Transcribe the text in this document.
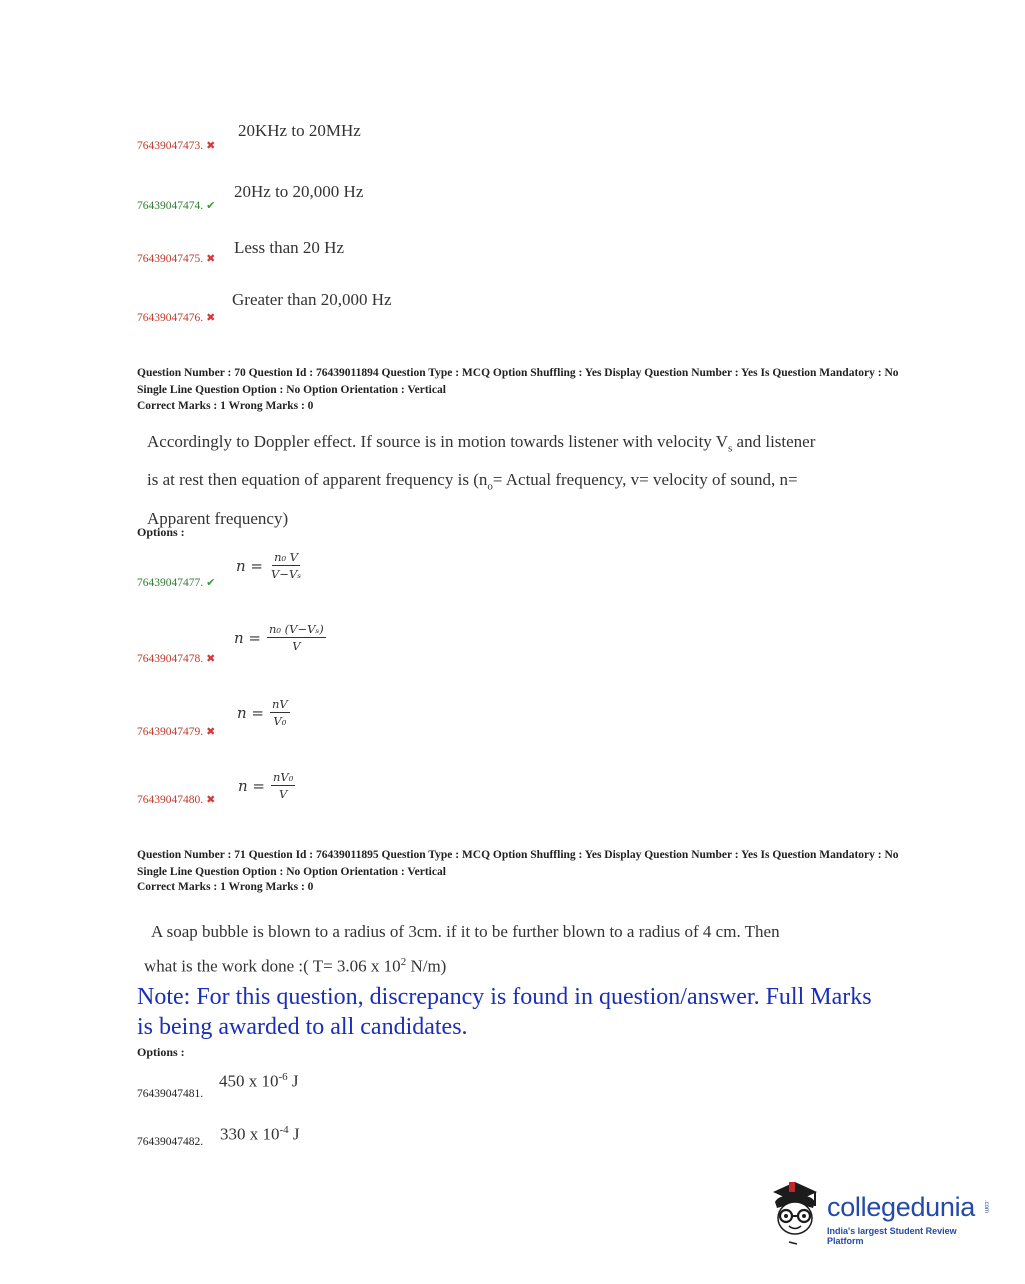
20KHz to 20MHz
76439047473. ✖
20Hz to 20,000 Hz
76439047474. ✔
Less than 20 Hz
76439047475. ✖
Greater than 20,000 Hz
76439047476. ✖
Question Number : 70 Question Id : 76439011894 Question Type : MCQ Option Shuffling : Yes Display Question Number : Yes Is Question Mandatory : No Single Line Question Option : No Option Orientation : Vertical
Correct Marks : 1 Wrong Marks : 0
Accordingly to Doppler effect. If source is in motion towards listener with velocity $V_s$ and listener is at rest then equation of apparent frequency is ($n_o=$ Actual frequency, v= velocity of sound, n= Apparent frequency)
Options :
$n = \frac{\text{n₀ V}}{\text{V−Vₛ}}$
76439047477. ✔
$n = \frac{\text{n₀ (V−Vₛ)}}{V}$
76439047478. ✖
$n = \frac{nV}{\text{V₀}}$
76439047479. ✖
$n = \frac{\text{nV₀}}{V}$
76439047480. ✖
Question Number : 71 Question Id : 76439011895 Question Type : MCQ Option Shuffling : Yes Display Question Number : Yes Is Question Mandatory : No Single Line Question Option : No Option Orientation : Vertical
Correct Marks : 1 Wrong Marks : 0
A soap bubble is blown to a radius of 3cm. if it to be further blown to a radius of 4 cm. Then
what is the work done :( T= 3.06 x $10^2$ N/m)
Note: For this question, discrepancy is found in question/answer. Full Marks is being awarded to all candidates.
Options :
450 x $10^{-6}$ J
76439047481.
330 x $10^{-4}$ J
76439047482.
collegedunia .com
India's largest Student Review Platform
